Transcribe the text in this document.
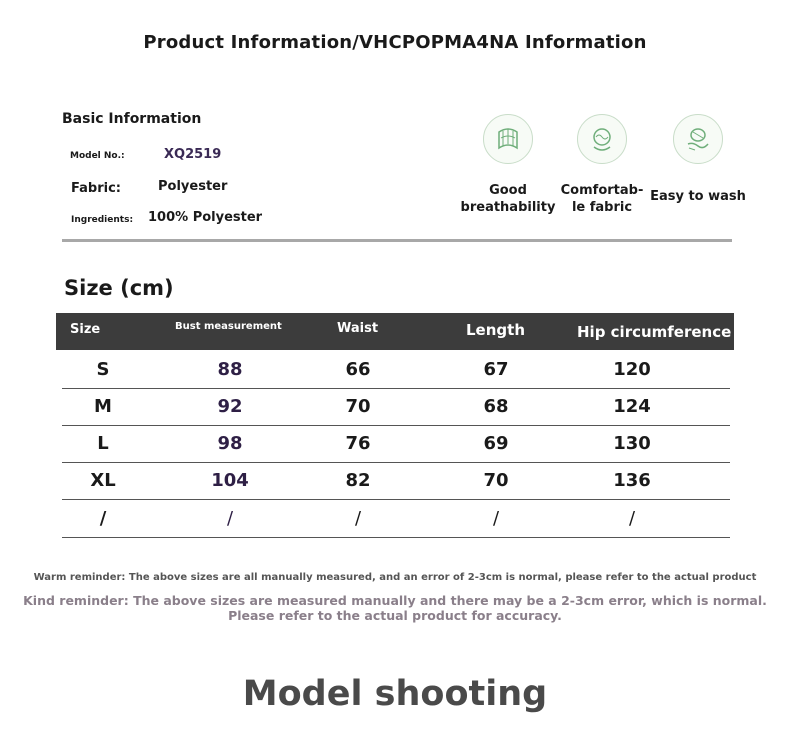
Product Information/VHCPOPMA4NA Information
Basic Information
Model No.:	XQ2519
Fabric:	Polyester
Ingredients: 100% Polyester
Good
breathability
Comfortab-
le fabric
Easy to wash
Size (cm)
Size	Bust measurement	Waist	Length	Hip circumference
S	88	66	67	120
M	92	70	68	124
L	98	76	69	130
XL	104	82	70	136
/	/	/	/	/
Warm reminder: The above sizes are all manually measured, and an error of 2-3cm is normal, please refer to the actual product
Kind reminder: The above sizes are measured manually and there may be a 2-3cm error, which is normal.
Please refer to the actual product for accuracy.
Model shooting
